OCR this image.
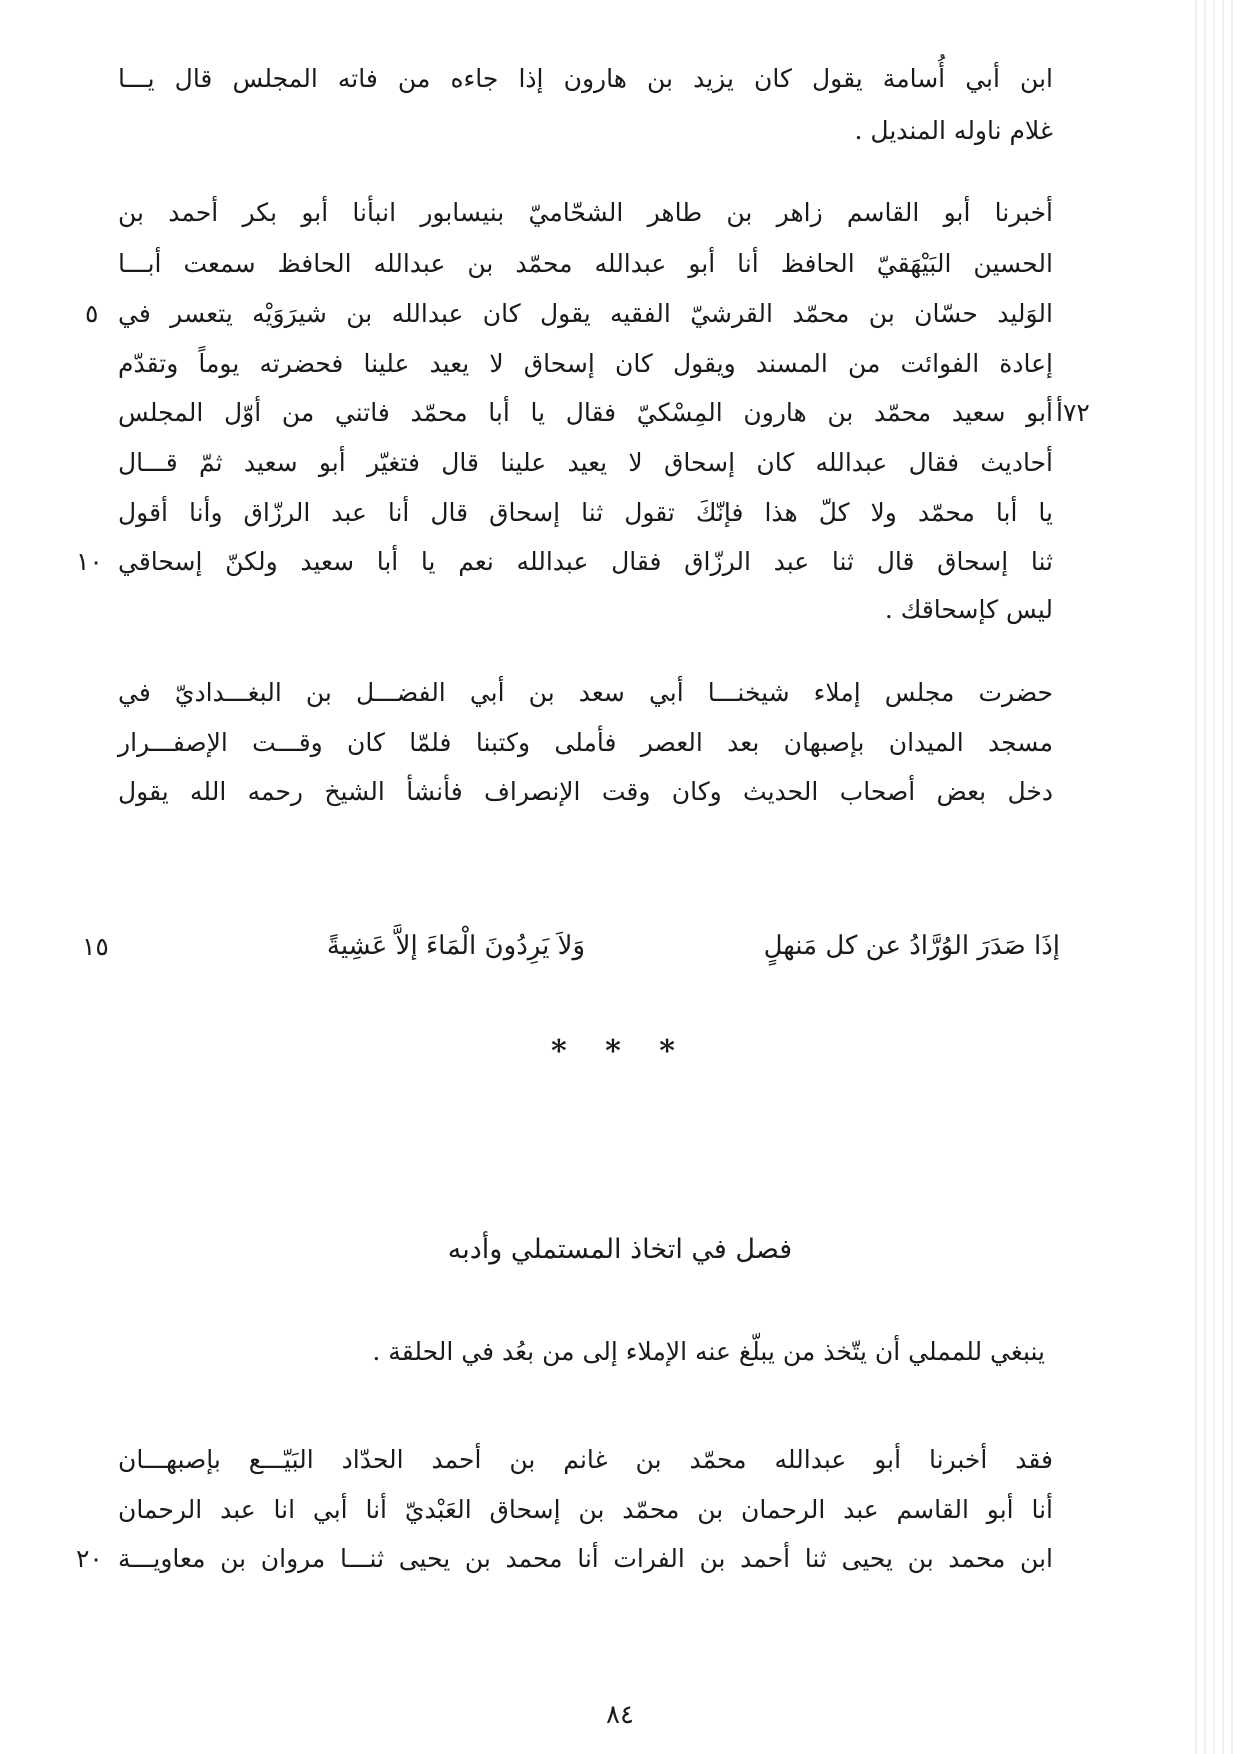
ابن أبي أُسامة يقول كان يزيد بن هارون إذا جاءه من فاته المجلس قال يـــا
غلام ناوله المنديل .
أخبرنا أبو القاسم زاهر بن طاهر الشحّاميّ بنيسابور انبأنا أبو بكر أحمد بن
الحسين البَيْهَقيّ الحافظ أنا أبو عبدالله محمّد بن عبدالله الحافظ سمعت أبـــا
الوَليد حسّان بن محمّد القرشيّ الفقيه يقول كان عبدالله بن شيرَوَيْه يتعسر في
إعادة الفوائت من المسند ويقول كان إسحاق لا يعيد علينا فحضرته يوماً وتقدّم
أبو سعيد محمّد بن هارون المِسْكيّ فقال يا أبا محمّد فاتني من أوّل المجلس
أحاديث فقال عبدالله كان إسحاق لا يعيد علينا قال فتغيّر أبو سعيد ثمّ قـــال
يا أبا محمّد ولا كلّ هذا فإنّكَ تقول ثنا إسحاق قال أنا عبد الرزّاق وأنا أقول
ثنا إسحاق قال ثنا عبد الرزّاق فقال عبدالله نعم يا أبا سعيد ولكنّ إسحاقي
ليس كإسحاقك .
حضرت مجلس إملاء شيخنـــا أبي سعد بن أبي الفضـــل بن البغـــداديّ في
مسجد الميدان بإصبهان بعد العصر فأملى وكتبنا فلمّا كان وقـــت الإصفـــرار
دخل بعض أصحاب الحديث وكان وقت الإنصراف فأنشأ الشيخ رحمه الله يقول
إذَا صَدَرَ الوُرَّادُ عن كل مَنهلٍ
وَلاَ يَرِدُونَ الْمَاءَ إلاَّ عَشِيةً
* * *
فصل في اتخاذ المستملي وأدبه
ينبغي للمملي أن يتّخذ من يبلّغ عنه الإملاء إلى من بعُد في الحلقة .
فقد أخبرنا أبو عبدالله محمّد بن غانم بن أحمد الحدّاد البَيّـــع بإصبهـــان
أنا أبو القاسم عبد الرحمان بن محمّد بن إسحاق العَبْديّ أنا أبي انا عبد الرحمان
ابن محمد بن يحيى ثنا أحمد بن الفرات أنا محمد بن يحيى ثنـــا مروان بن معاويـــة
٥
٧٢أ
١٠
١٥
٢٠
٨٤
